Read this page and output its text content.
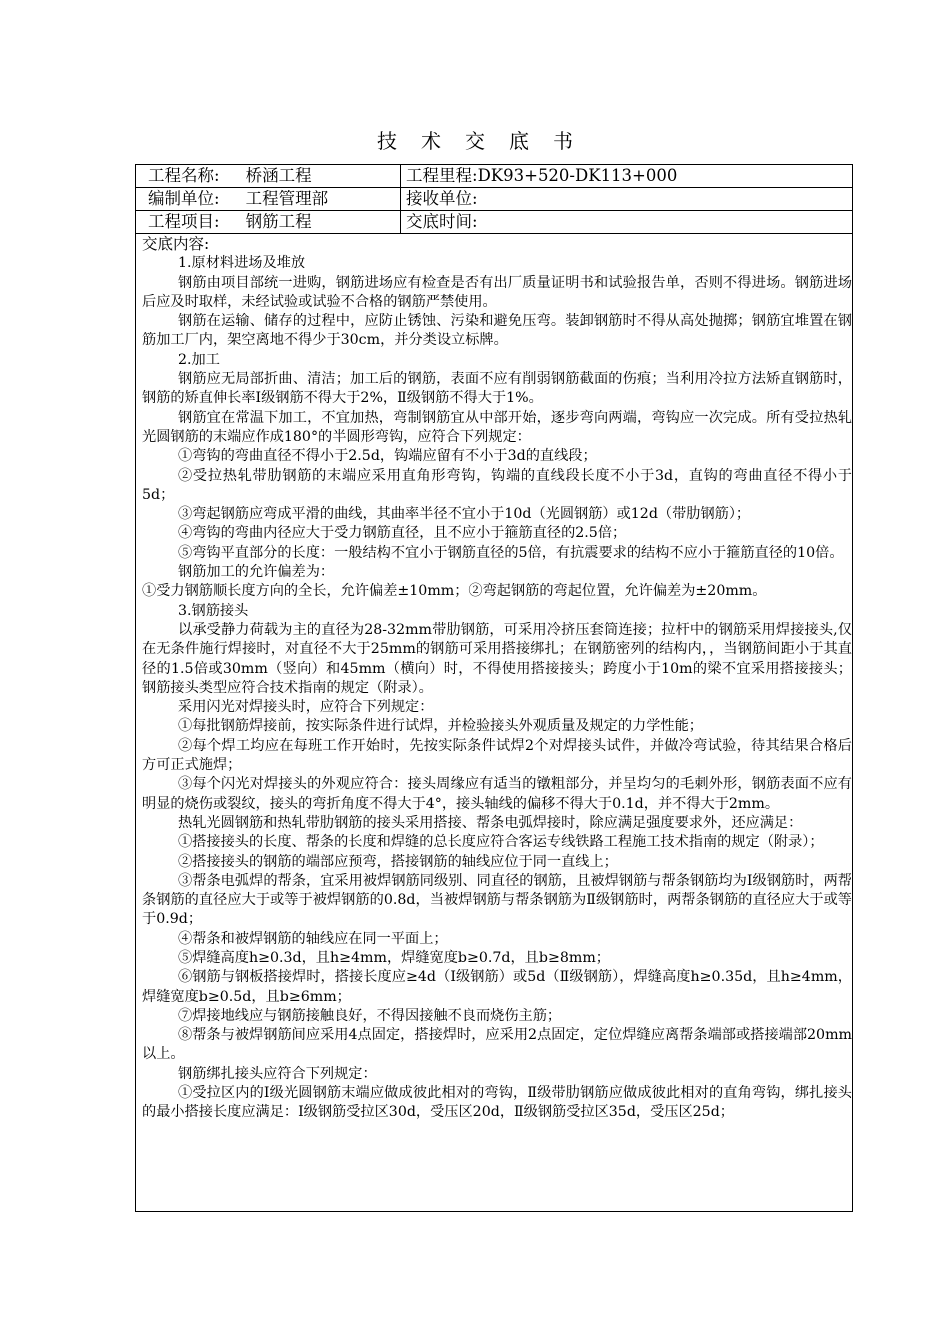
技术交底书
工程名称: 桥涵工程	工程里程:DK93+520-DK113+000
编制单位: 工程管理部	接收单位:
工程项目: 钢筋工程	交底时间:

交底内容:

1.原材料进场及堆放

钢筋由项目部统一进购，钢筋进场应有检查是否有出厂质量证明书和试验报告单，否则不得进场。钢筋进场后应及时取样，未经试验或试验不合格的钢筋严禁使用。

钢筋在运输、储存的过程中，应防止锈蚀、污染和避免压弯。装卸钢筋时不得从高处抛掷；钢筋宜堆置在钢筋加工厂内，架空离地不得少于30cm，并分类设立标牌。

2.加工

钢筋应无局部折曲、清洁；加工后的钢筋，表面不应有削弱钢筋截面的伤痕；当利用冷拉方法矫直钢筋时，钢筋的矫直伸长率Ⅰ级钢筋不得大于2%，Ⅱ级钢筋不得大于1%。

钢筋宜在常温下加工，不宜加热，弯制钢筋宜从中部开始，逐步弯向两端，弯钩应一次完成。所有受拉热轧光圆钢筋的末端应作成180°的半圆形弯钩，应符合下列规定：

①弯钩的弯曲直径不得小于2.5d，钩端应留有不小于3d的直线段；

②受拉热轧带肋钢筋的末端应采用直角形弯钩，钩端的直线段长度不小于3d，直钩的弯曲直径不得小于5d；

③弯起钢筋应弯成平滑的曲线，其曲率半径不宜小于10d（光圆钢筋）或12d（带肋钢筋）；

④弯钩的弯曲内径应大于受力钢筋直径，且不应小于箍筋直径的2.5倍；

⑤弯钩平直部分的长度：一般结构不宜小于钢筋直径的5倍，有抗震要求的结构不应小于箍筋直径的10倍。

钢筋加工的允许偏差为：

①受力钢筋顺长度方向的全长，允许偏差±10mm；②弯起钢筋的弯起位置，允许偏差为±20mm。

3.钢筋接头

以承受静力荷载为主的直径为28-32mm带肋钢筋，可采用冷挤压套筒连接；拉杆中的钢筋采用焊接接头,仅在无条件施行焊接时，对直径不大于25mm的钢筋可采用搭接绑扎；在钢筋密列的结构内，，当钢筋间距小于其直径的1.5倍或30mm（竖向）和45mm（横向）时，不得使用搭接接头；跨度小于10m的梁不宜采用搭接接头；钢筋接头类型应符合技术指南的规定（附录）。

采用闪光对焊接头时，应符合下列规定：

①每批钢筋焊接前，按实际条件进行试焊，并检验接头外观质量及规定的力学性能；

②每个焊工均应在每班工作开始时，先按实际条件试焊2个对焊接头试件，并做冷弯试验，待其结果合格后方可正式施焊；

③每个闪光对焊接头的外观应符合：接头周缘应有适当的镦粗部分，并呈均匀的毛刺外形，钢筋表面不应有明显的烧伤或裂纹，接头的弯折角度不得大于4°，接头轴线的偏移不得大于0.1d，并不得大于2mm。

热轧光圆钢筋和热轧带肋钢筋的接头采用搭接、帮条电弧焊接时，除应满足强度要求外，还应满足：

①搭接接头的长度、帮条的长度和焊缝的总长度应符合客运专线铁路工程施工技术指南的规定（附录）；

②搭接接头的钢筋的端部应预弯，搭接钢筋的轴线应位于同一直线上；

③帮条电弧焊的帮条，宜采用被焊钢筋同级别、同直径的钢筋，且被焊钢筋与帮条钢筋均为Ⅰ级钢筋时，两帮条钢筋的直径应大于或等于被焊钢筋的0.8d，当被焊钢筋与帮条钢筋为Ⅱ级钢筋时，两帮条钢筋的直径应大于或等于0.9d；

④帮条和被焊钢筋的轴线应在同一平面上；

⑤焊缝高度h≥0.3d，且h≥4mm，焊缝宽度b≥0.7d，且b≥8mm；

⑥钢筋与钢板搭接焊时，搭接长度应≥4d（Ⅰ级钢筋）或5d（Ⅱ级钢筋），焊缝高度h≥0.35d，且h≥4mm，焊缝宽度b≥0.5d，且b≥6mm；

⑦焊接地线应与钢筋接触良好，不得因接触不良而烧伤主筋；

⑧帮条与被焊钢筋间应采用4点固定，搭接焊时，应采用2点固定，定位焊缝应离帮条端部或搭接端部20mm以上。

钢筋绑扎接头应符合下列规定：

①受拉区内的Ⅰ级光圆钢筋末端应做成彼此相对的弯钩，Ⅱ级带肋钢筋应做成彼此相对的直角弯钩，绑扎接头的最小搭接长度应满足：Ⅰ级钢筋受拉区30d，受压区20d，Ⅱ级钢筋受拉区35d，受压区25d；
